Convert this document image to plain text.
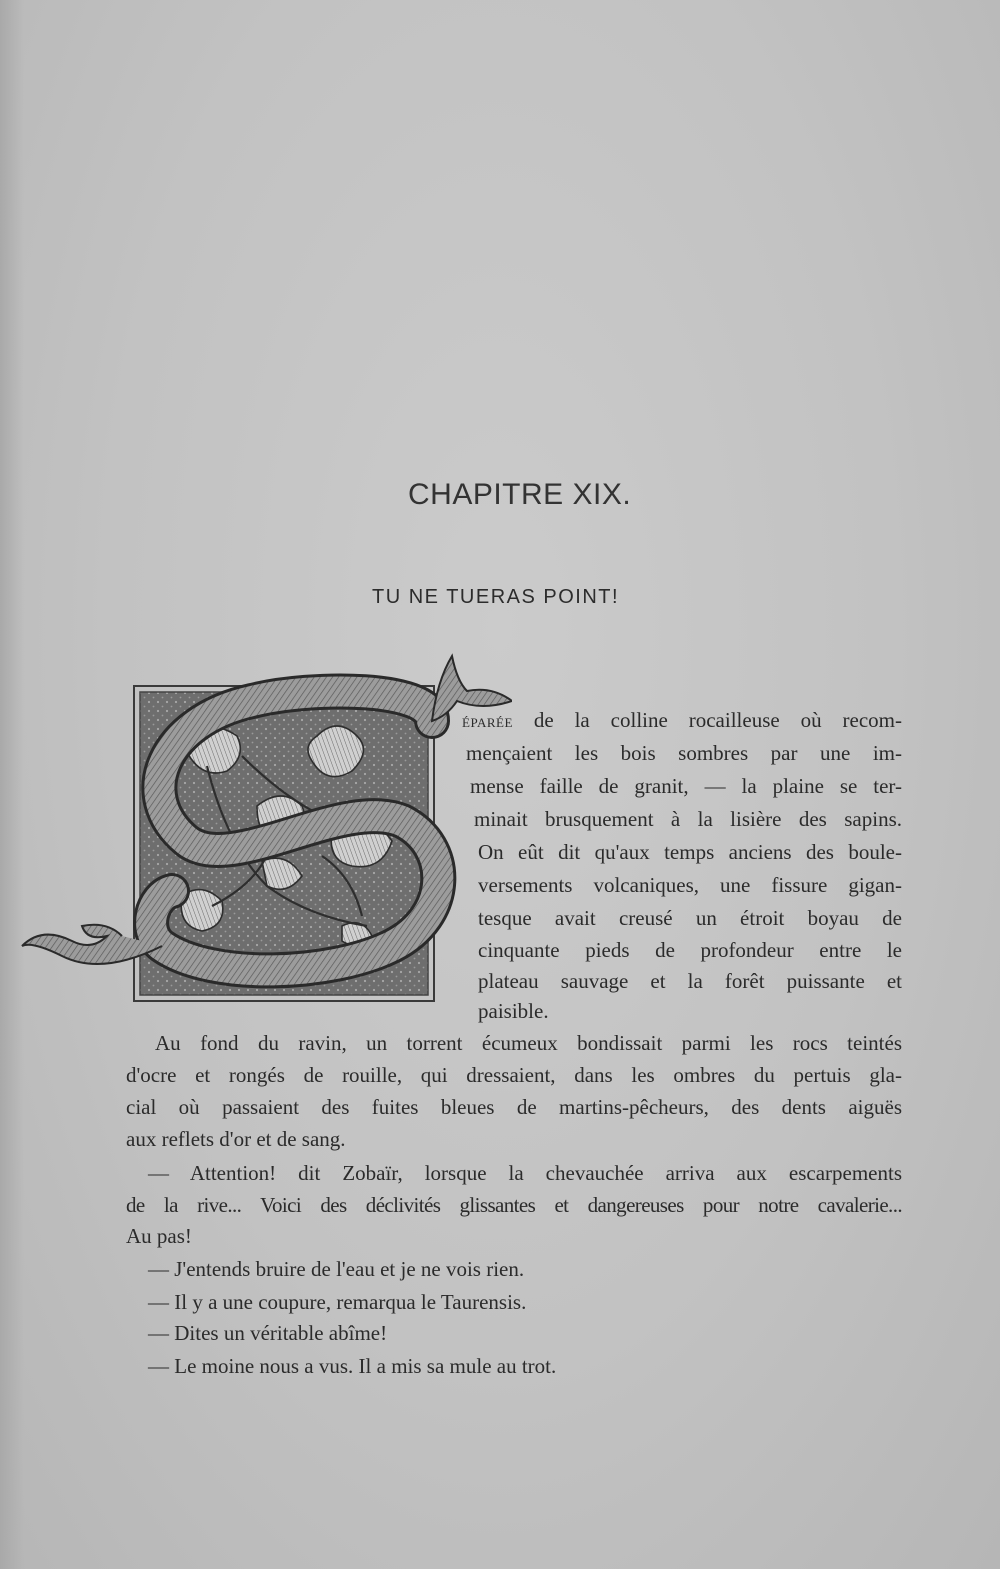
CHAPITRE XIX.
TU NE TUERAS POINT!
ÉPARÉE de la colline rocailleuse où recom-
mençaient les bois sombres par une im-
mense faille de granit, — la plaine se ter-
minait brusquement à la lisière des sapins.
On eût dit qu'aux temps anciens des boule-
versements volcaniques, une fissure gigan-
tesque avait creusé un étroit boyau de
cinquante pieds de profondeur entre le
plateau sauvage et la forêt puissante et
paisible.
Au fond du ravin, un torrent écumeux bondissait parmi les rocs teintés
d'ocre et rongés de rouille, qui dressaient, dans les ombres du pertuis gla-
cial où passaient des fuites bleues de martins-pêcheurs, des dents aiguës
aux reflets d'or et de sang.
— Attention! dit Zobaïr, lorsque la chevauchée arriva aux escarpements
de la rive... Voici des déclivités glissantes et dangereuses pour notre cavalerie...
Au pas!
— J'entends bruire de l'eau et je ne vois rien.
— Il y a une coupure, remarqua le Taurensis.
— Dites un véritable abîme!
— Le moine nous a vus. Il a mis sa mule au trot.
